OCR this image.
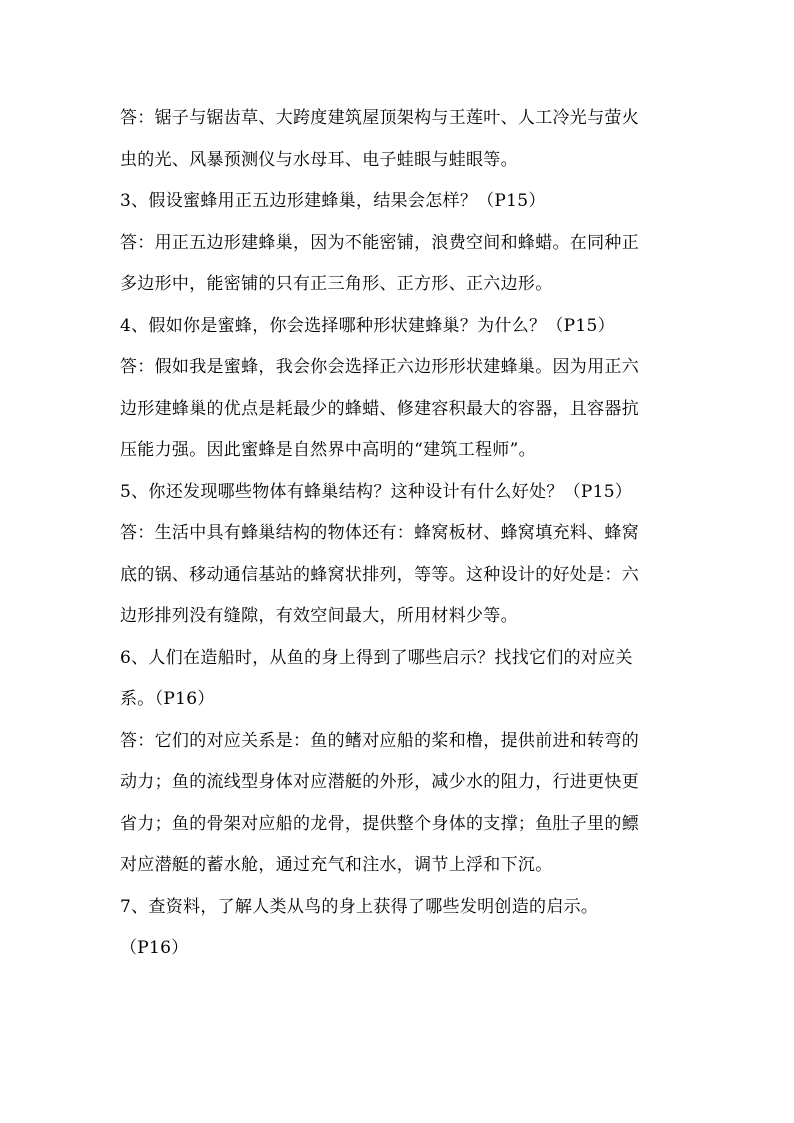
答：锯子与锯齿草、大跨度建筑屋顶架构与王莲叶、人工冷光与萤火
虫的光、风暴预测仪与水母耳、电子蛙眼与蛙眼等。
3、假设蜜蜂用正五边形建蜂巢，结果会怎样？（P15）
答：用正五边形建蜂巢，因为不能密铺，浪费空间和蜂蜡。在同种正
多边形中，能密铺的只有正三角形、正方形、正六边形。
4、假如你是蜜蜂，你会选择哪种形状建蜂巢？为什么？（P15）
答：假如我是蜜蜂，我会你会选择正六边形形状建蜂巢。因为用正六
边形建蜂巢的优点是耗最少的蜂蜡、修建容积最大的容器，且容器抗
压能力强。因此蜜蜂是自然界中高明的“建筑工程师”。
5、你还发现哪些物体有蜂巢结构？这种设计有什么好处？（P15）
答：生活中具有蜂巢结构的物体还有：蜂窝板材、蜂窝填充料、蜂窝
底的锅、移动通信基站的蜂窝状排列，等等。这种设计的好处是：六
边形排列没有缝隙，有效空间最大，所用材料少等。
6、人们在造船时，从鱼的身上得到了哪些启示？找找它们的对应关
系。（P16）
答：它们的对应关系是：鱼的鳍对应船的桨和橹，提供前进和转弯的
动力；鱼的流线型身体对应潜艇的外形，减少水的阻力，行进更快更
省力；鱼的骨架对应船的龙骨，提供整个身体的支撑；鱼肚子里的鳔
对应潜艇的蓄水舱，通过充气和注水，调节上浮和下沉。
7、查资料，了解人类从鸟的身上获得了哪些发明创造的启示。
（P16）
